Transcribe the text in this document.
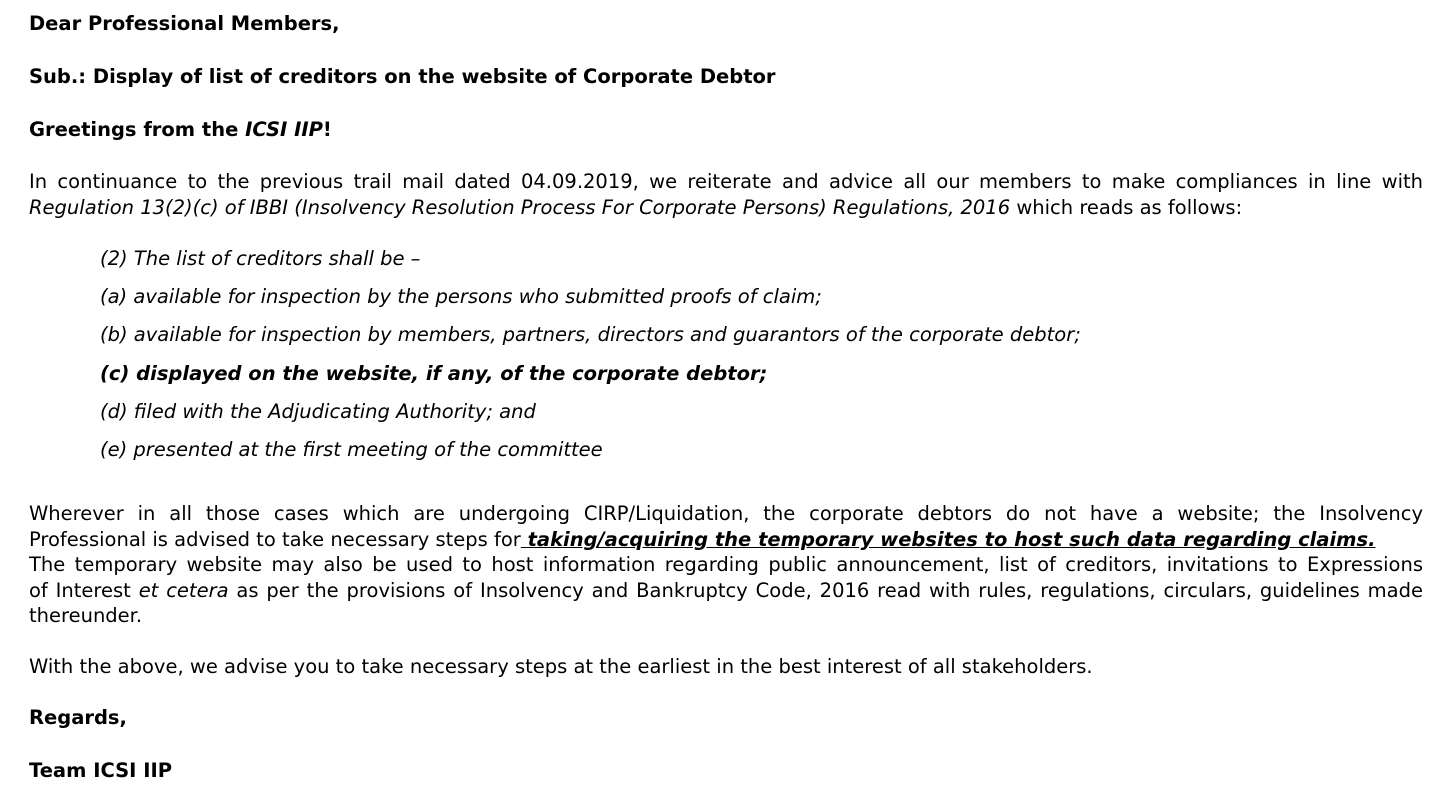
Dear Professional Members,
Sub.: Display of list of creditors on the website of Corporate Debtor
Greetings from the ICSI IIP!
In continuance to the previous trail mail dated 04.09.2019, we reiterate and advice all our members to make compliances in line with
Regulation 13(2)(c) of IBBI (Insolvency Resolution Process For Corporate Persons) Regulations, 2016 which reads as follows:
(2) The list of creditors shall be –
(a) available for inspection by the persons who submitted proofs of claim;
(b) available for inspection by members, partners, directors and guarantors of the corporate debtor;
(c) displayed on the website, if any, of the corporate debtor;
(d) filed with the Adjudicating Authority; and
(e) presented at the first meeting of the committee
Wherever in all those cases which are undergoing CIRP/Liquidation, the corporate debtors do not have a website; the Insolvency
Professional is advised to take necessary steps for taking/acquiring the temporary websites to host such data regarding claims.
The temporary website may also be used to host information regarding public announcement, list of creditors, invitations to Expressions
of Interest et cetera as per the provisions of Insolvency and Bankruptcy Code, 2016 read with rules, regulations, circulars, guidelines made
thereunder.
With the above, we advise you to take necessary steps at the earliest in the best interest of all stakeholders.
Regards,
Team ICSI IIP
